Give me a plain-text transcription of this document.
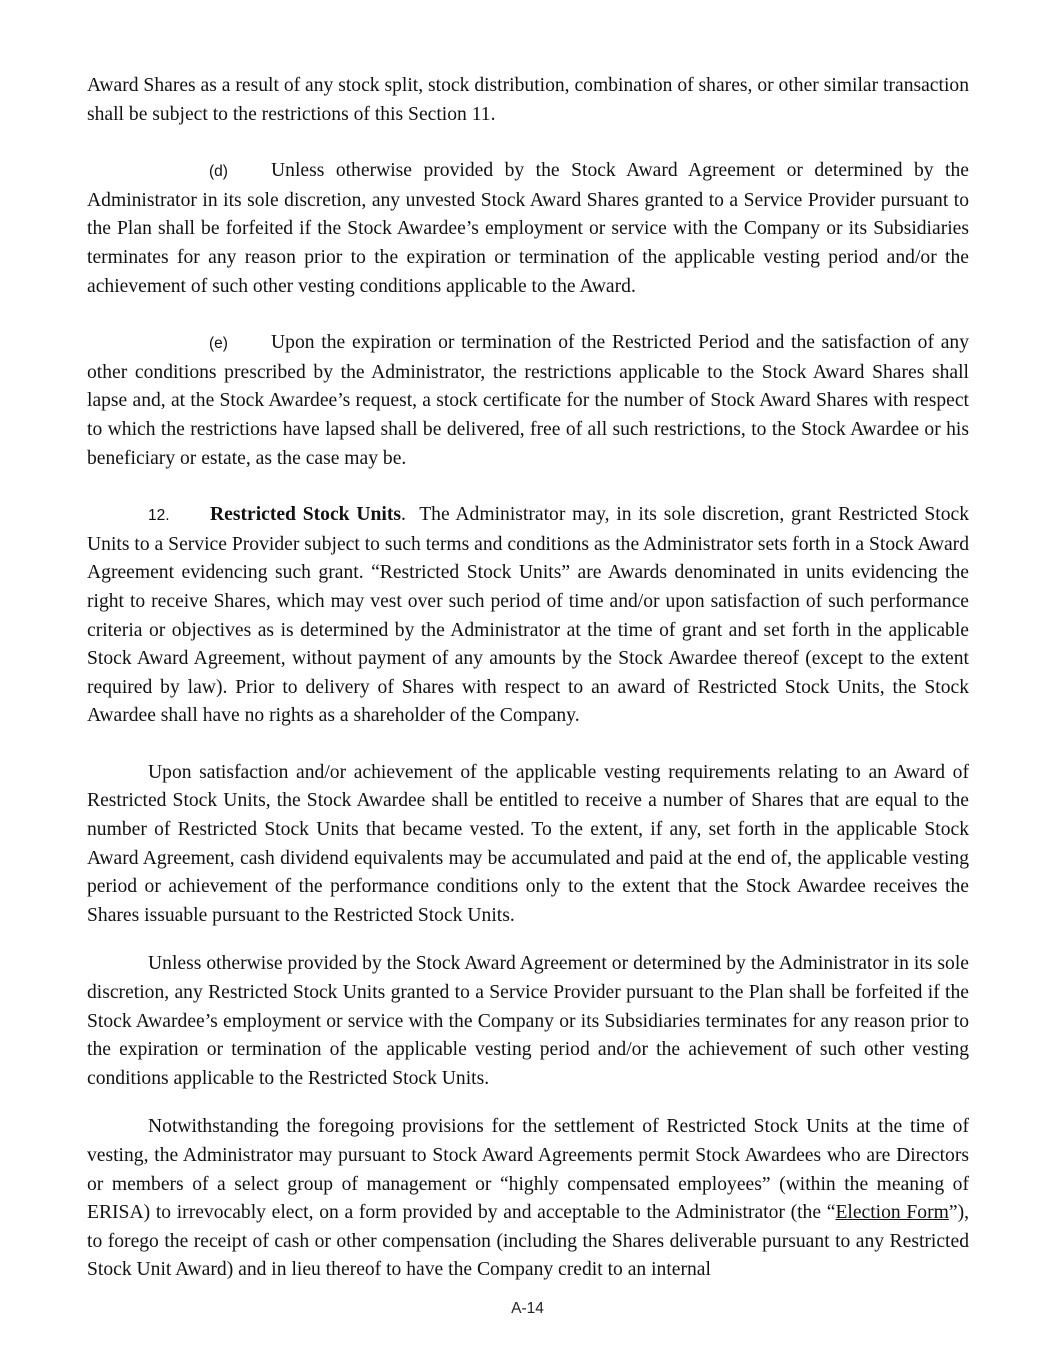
Award Shares as a result of any stock split, stock distribution, combination of shares, or other similar transaction shall be subject to the restrictions of this Section 11.

(d) Unless otherwise provided by the Stock Award Agreement or determined by the Administrator in its sole discretion, any unvested Stock Award Shares granted to a Service Provider pursuant to the Plan shall be forfeited if the Stock Awardee’s employment or service with the Company or its Subsidiaries terminates for any reason prior to the expiration or termination of the applicable vesting period and/or the achievement of such other vesting conditions applicable to the Award.

(e) Upon the expiration or termination of the Restricted Period and the satisfaction of any other conditions prescribed by the Administrator, the restrictions applicable to the Stock Award Shares shall lapse and, at the Stock Awardee’s request, a stock certificate for the number of Stock Award Shares with respect to which the restrictions have lapsed shall be delivered, free of all such restrictions, to the Stock Awardee or his beneficiary or estate, as the case may be.

12. Restricted Stock Units. The Administrator may, in its sole discretion, grant Restricted Stock Units to a Service Provider subject to such terms and conditions as the Administrator sets forth in a Stock Award Agreement evidencing such grant. “Restricted Stock Units” are Awards denominated in units evidencing the right to receive Shares, which may vest over such period of time and/or upon satisfaction of such performance criteria or objectives as is determined by the Administrator at the time of grant and set forth in the applicable Stock Award Agreement, without payment of any amounts by the Stock Awardee thereof (except to the extent required by law). Prior to delivery of Shares with respect to an award of Restricted Stock Units, the Stock Awardee shall have no rights as a shareholder of the Company.

Upon satisfaction and/or achievement of the applicable vesting requirements relating to an Award of Restricted Stock Units, the Stock Awardee shall be entitled to receive a number of Shares that are equal to the number of Restricted Stock Units that became vested. To the extent, if any, set forth in the applicable Stock Award Agreement, cash dividend equivalents may be accumulated and paid at the end of, the applicable vesting period or achievement of the performance conditions only to the extent that the Stock Awardee receives the Shares issuable pursuant to the Restricted Stock Units.

Unless otherwise provided by the Stock Award Agreement or determined by the Administrator in its sole discretion, any Restricted Stock Units granted to a Service Provider pursuant to the Plan shall be forfeited if the Stock Awardee’s employment or service with the Company or its Subsidiaries terminates for any reason prior to the expiration or termination of the applicable vesting period and/or the achievement of such other vesting conditions applicable to the Restricted Stock Units.

Notwithstanding the foregoing provisions for the settlement of Restricted Stock Units at the time of vesting, the Administrator may pursuant to Stock Award Agreements permit Stock Awardees who are Directors or members of a select group of management or “highly compensated employees” (within the meaning of ERISA) to irrevocably elect, on a form provided by and acceptable to the Administrator (the “Election Form”), to forego the receipt of cash or other compensation (including the Shares deliverable pursuant to any Restricted Stock Unit Award) and in lieu thereof to have the Company credit to an internal

A-14
